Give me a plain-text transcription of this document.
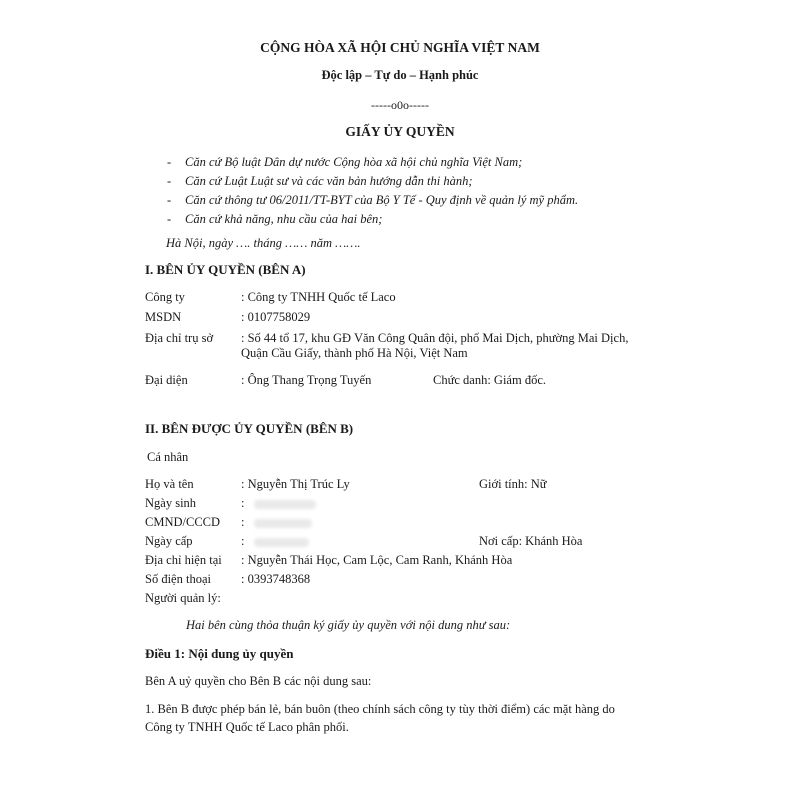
CỘNG HÒA XÃ HỘI CHỦ NGHĨA VIỆT NAM
Độc lập – Tự do – Hạnh phúc
-----o0o-----
GIẤY ỦY QUYỀN
- Căn cứ Bộ luật Dân dự nước Cộng hòa xã hội chủ nghĩa Việt Nam;
- Căn cứ Luật Luật sư và các văn bản hướng dẫn thi hành;
- Căn cứ thông tư 06/2011/TT-BYT của Bộ Y Tế - Quy định về quản lý mỹ phẩm.
- Căn cứ khả năng, nhu cầu của hai bên;
Hà Nội, ngày …. tháng …… năm …….
I. BÊN ỦY QUYỀN (BÊN A)
Công ty	: Công ty TNHH Quốc tế Laco
MSDN	: 0107758029
Địa chỉ trụ sở : Số 44 tổ 17, khu GĐ Văn Công Quân đội, phố Mai Dịch, phường Mai Dịch,
Quận Cầu Giấy, thành phố Hà Nội, Việt Nam
Đại diện	: Ông Thang Trọng Tuyến	Chức danh: Giám đốc.
II. BÊN ĐƯỢC ỦY QUYỀN (BÊN B)
Cá nhân
Họ và tên	: Nguyễn Thị Trúc Ly	Giới tính: Nữ
Ngày sinh	:
CMND/CCCD :
Ngày cấp	:	Nơi cấp: Khánh Hòa
Địa chỉ hiện tại : Nguyễn Thái Học, Cam Lộc, Cam Ranh, Khánh Hòa
Số điện thoại : 0393748368
Người quản lý:
Hai bên cùng thỏa thuận ký giấy ủy quyền với nội dung như sau:
Điều 1: Nội dung ủy quyền
Bên A uỷ quyền cho Bên B các nội dung sau:
1. Bên B được phép bán lẻ, bán buôn (theo chính sách công ty tùy thời điểm) các mặt hàng do
Công ty TNHH Quốc tế Laco phân phối.
